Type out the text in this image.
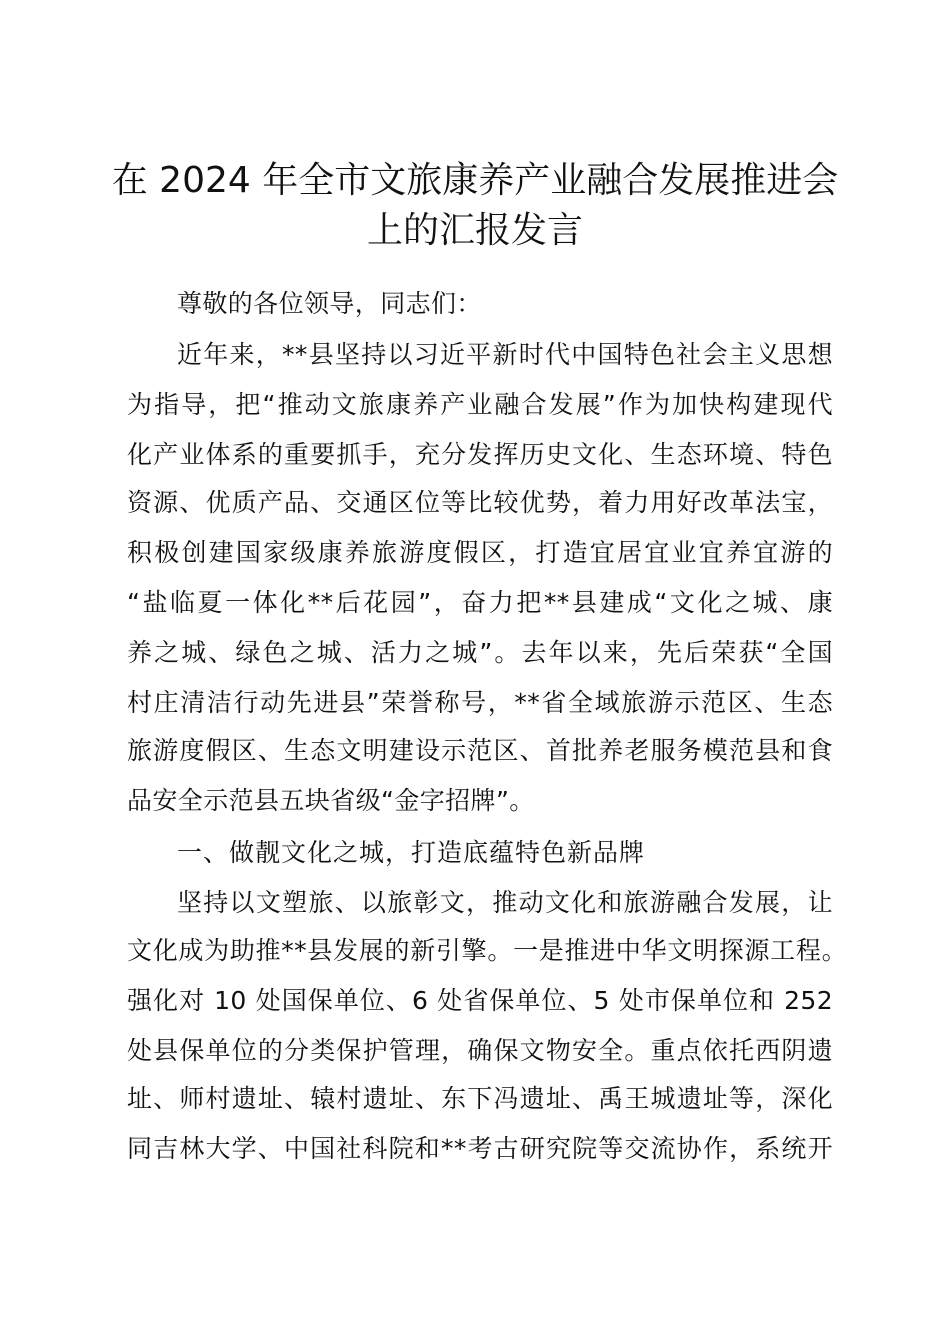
在 2024 年全市文旅康养产业融合发展推进会
上的汇报发言
尊敬的各位领导，同志们：
近年来，**县坚持以习近平新时代中国特色社会主义思想
为指导，把“推动文旅康养产业融合发展”作为加快构建现代
化产业体系的重要抓手，充分发挥历史文化、生态环境、特色
资源、优质产品、交通区位等比较优势，着力用好改革法宝，
积极创建国家级康养旅游度假区，打造宜居宜业宜养宜游的
“盐临夏一体化**后花园”，奋力把**县建成“文化之城、康
养之城、绿色之城、活力之城”。去年以来，先后荣获“全国
村庄清洁行动先进县”荣誉称号，**省全域旅游示范区、生态
旅游度假区、生态文明建设示范区、首批养老服务模范县和食
品安全示范县五块省级“金字招牌”。
一、做靓文化之城，打造底蕴特色新品牌
坚持以文塑旅、以旅彰文，推动文化和旅游融合发展，让
文化成为助推**县发展的新引擎。一是推进中华文明探源工程。
强化对 10 处国保单位、6 处省保单位、5 处市保单位和 252
处县保单位的分类保护管理，确保文物安全。重点依托西阴遗
址、师村遗址、辕村遗址、东下冯遗址、禹王城遗址等，深化
同吉林大学、中国社科院和**考古研究院等交流协作，系统开
